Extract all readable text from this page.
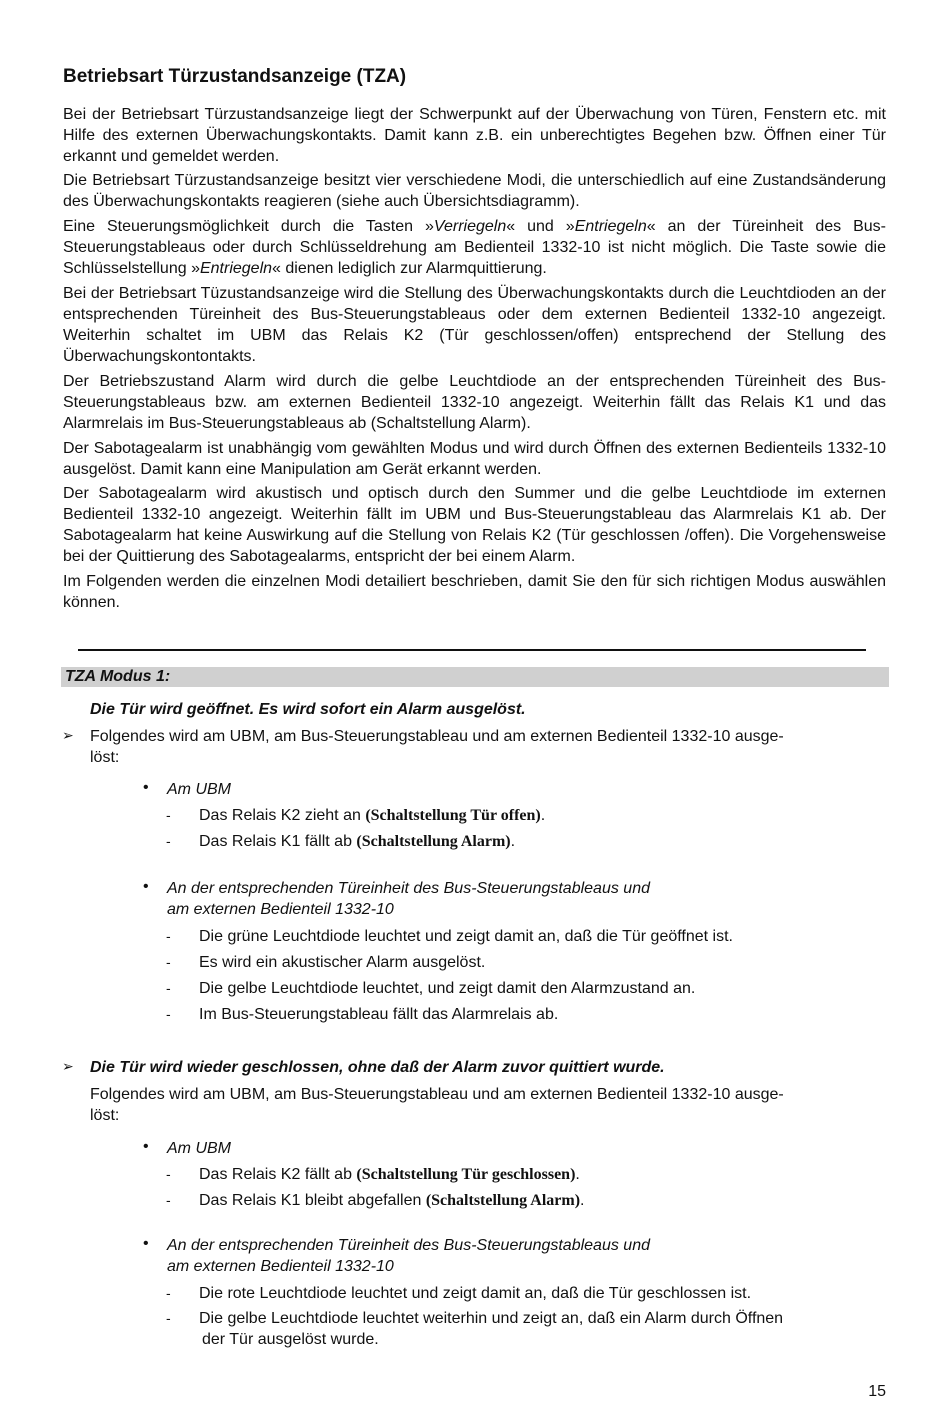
Betriebsart Türzustandsanzeige (TZA)

Bei der Betriebsart Türzustandsanzeige liegt der Schwerpunkt auf der Überwachung von Türen, Fenstern etc. mit Hilfe des externen Überwachungskontakts. Damit kann z.B. ein unberechtigtes Begehen bzw. Öffnen einer Tür erkannt und gemeldet werden.

Die Betriebsart Türzustandsanzeige besitzt vier verschiedene Modi, die unterschiedlich auf eine Zustandsänderung des Überwachungskontakts reagieren (siehe auch Übersichtsdiagramm).

Eine Steuerungsmöglichkeit durch die Tasten »Verriegeln« und »Entriegeln« an der Türeinheit des Bus-Steuerungstableaus oder durch Schlüsseldrehung am Bedienteil 1332-10 ist nicht möglich. Die Taste sowie die Schlüsselstellung »Entriegeln« dienen lediglich zur Alarmquittierung.

Bei der Betriebsart Tüzustandsanzeige wird die Stellung des Überwachungskontakts durch die Leuchtdioden an der entsprechenden Türeinheit des Bus-Steuerungstableaus oder dem externen Bedienteil 1332-10 angezeigt. Weiterhin schaltet im UBM das Relais K2 (Tür geschlossen/offen) entsprechend der Stellung des Überwachungskontontakts.

Der Betriebszustand Alarm wird durch die gelbe Leuchtdiode an der entsprechenden Türeinheit des Bus-Steuerungstableaus bzw. am externen Bedienteil 1332-10 angezeigt. Weiterhin fällt das Relais K1 und das Alarmrelais im Bus-Steuerungstableaus ab (Schaltstellung Alarm).

Der Sabotagealarm ist unabhängig vom gewählten Modus und wird durch Öffnen des externen Bedienteils 1332-10 ausgelöst. Damit kann eine Manipulation am Gerät erkannt werden.

Der Sabotagealarm wird akustisch und optisch durch den Summer und die gelbe Leuchtdiode im externen Bedienteil 1332-10 angezeigt. Weiterhin fällt im UBM und Bus-Steuerungstableau das Alarmrelais K1 ab. Der Sabotagealarm hat keine Auswirkung auf die Stellung von Relais K2 (Tür geschlossen /offen). Die Vorgehensweise bei der Quittierung des Sabotagealarms, entspricht der bei einem Alarm.

Im Folgenden werden die einzelnen Modi detailiert beschrieben, damit Sie den für sich richtigen Modus auswählen können.

TZA Modus 1:
Die Tür wird geöffnet. Es wird sofort ein Alarm ausgelöst.
➢ Folgendes wird am UBM, am Bus-Steuerungstableau und am externen Bedienteil 1332-10 ausge-
löst:
• Am UBM
- Das Relais K2 zieht an (Schaltstellung Tür offen).
- Das Relais K1 fällt ab (Schaltstellung Alarm).
• An der entsprechenden Türeinheit des Bus-Steuerungstableaus und
am externen Bedienteil 1332-10
- Die grüne Leuchtdiode leuchtet und zeigt damit an, daß die Tür geöffnet ist.
- Es wird ein akustischer Alarm ausgelöst.
- Die gelbe Leuchtdiode leuchtet, und zeigt damit den Alarmzustand an.
- Im Bus-Steuerungstableau fällt das Alarmrelais ab.
➢ Die Tür wird wieder geschlossen, ohne daß der Alarm zuvor quittiert wurde.
Folgendes wird am UBM, am Bus-Steuerungstableau und am externen Bedienteil 1332-10 ausge-
löst:
• Am UBM
- Das Relais K2 fällt ab (Schaltstellung Tür geschlossen).
- Das Relais K1 bleibt abgefallen (Schaltstellung Alarm).
• An der entsprechenden Türeinheit des Bus-Steuerungstableaus und
am externen Bedienteil 1332-10
- Die rote Leuchtdiode leuchtet und zeigt damit an, daß die Tür geschlossen ist.
- Die gelbe Leuchtdiode leuchtet weiterhin und zeigt an, daß ein Alarm durch Öffnen
der Tür ausgelöst wurde.
15
